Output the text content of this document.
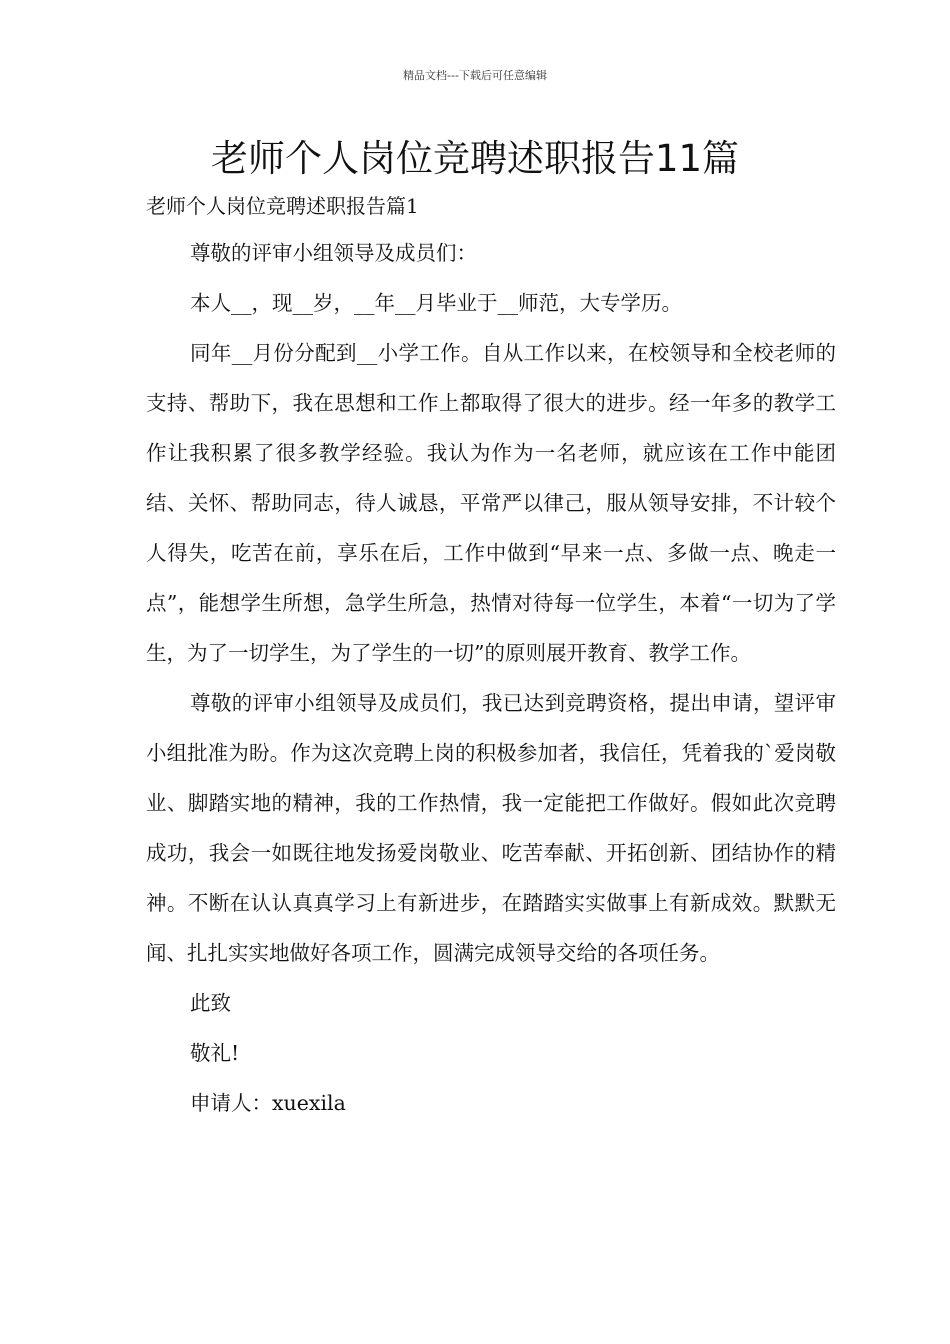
精品文档---下载后可任意编辑
老师个人岗位竞聘述职报告11篇
老师个人岗位竞聘述职报告篇1

尊敬的评审小组领导及成员们：

本人__，现__岁，__年__月毕业于__师范，大专学历。

同年__月份分配到__小学工作。自从工作以来，在校领导和全校老师的支持、帮助下，我在思想和工作上都取得了很大的进步。经一年多的教学工作让我积累了很多教学经验。我认为作为一名老师，就应该在工作中能团结、关怀、帮助同志，待人诚恳，平常严以律己，服从领导安排，不计较个人得失，吃苦在前，享乐在后，工作中做到“早来一点、多做一点、晚走一点”，能想学生所想，急学生所急，热情对待每一位学生，本着“一切为了学生，为了一切学生，为了学生的一切”的原则展开教育、教学工作。

尊敬的评审小组领导及成员们，我已达到竞聘资格，提出申请，望评审小组批准为盼。作为这次竞聘上岗的积极参加者，我信任，凭着我的`爱岗敬业、脚踏实地的精神，我的工作热情，我一定能把工作做好。假如此次竞聘成功，我会一如既往地发扬爱岗敬业、吃苦奉献、开拓创新、团结协作的精神。不断在认认真真学习上有新进步，在踏踏实实做事上有新成效。默默无闻、扎扎实实地做好各项工作，圆满完成领导交给的各项任务。

此致

敬礼!

申请人：xuexila
